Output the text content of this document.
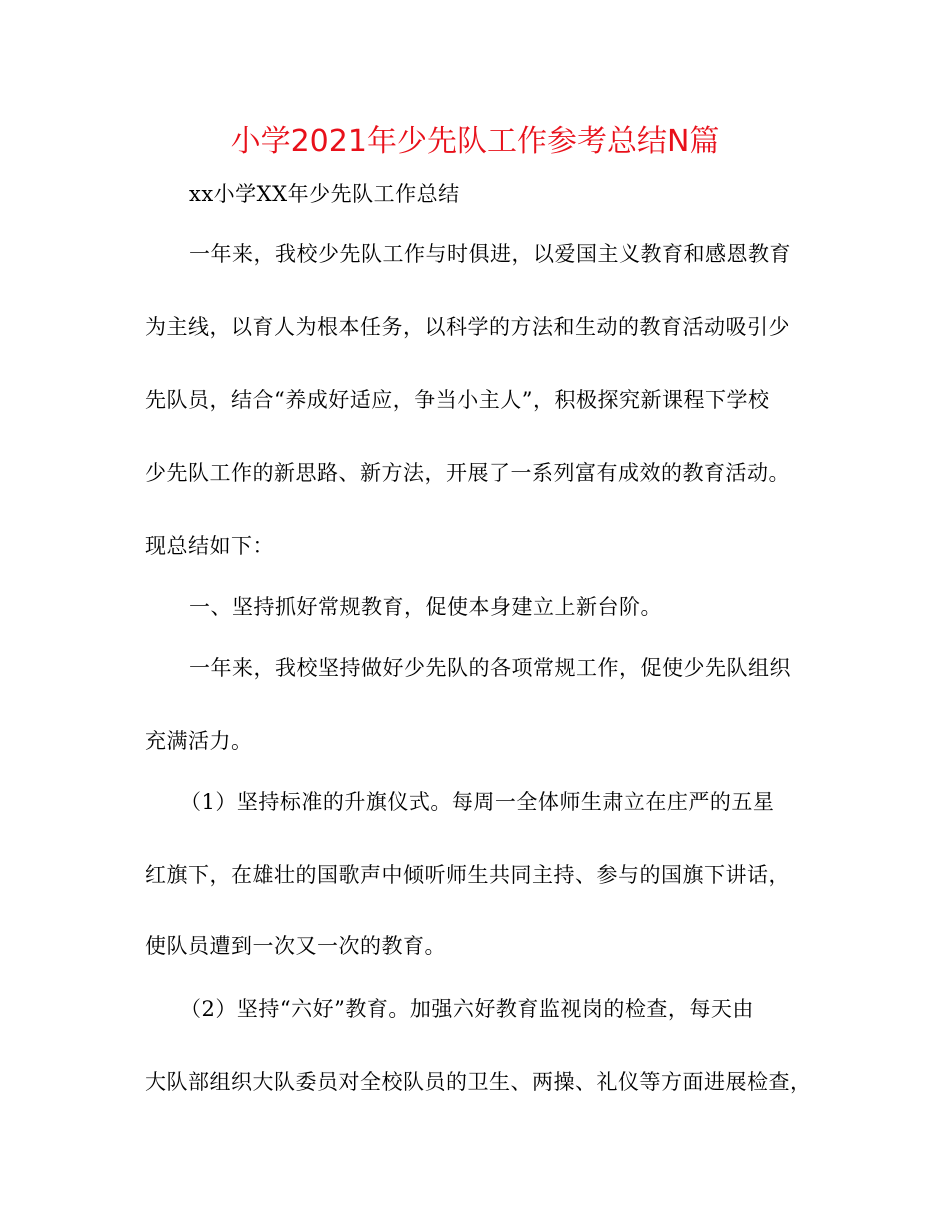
小学2021年少先队工作参考总结N篇
xx小学XX年少先队工作总结
一年来，我校少先队工作与时俱进，以爱国主义教育和感恩教育
为主线，以育人为根本任务，以科学的方法和生动的教育活动吸引少
先队员，结合“养成好适应，争当小主人”，积极探究新课程下学校
少先队工作的新思路、新方法，开展了一系列富有成效的教育活动。
现总结如下：
一、坚持抓好常规教育，促使本身建立上新台阶。
一年来，我校坚持做好少先队的各项常规工作，促使少先队组织
充满活力。
（1）坚持标准的升旗仪式。每周一全体师生肃立在庄严的五星
红旗下，在雄壮的国歌声中倾听师生共同主持、参与的国旗下讲话，
使队员遭到一次又一次的教育。
（2）坚持“六好”教育。加强六好教育监视岗的检查，每天由
大队部组织大队委员对全校队员的卫生、两操、礼仪等方面进展检查，
